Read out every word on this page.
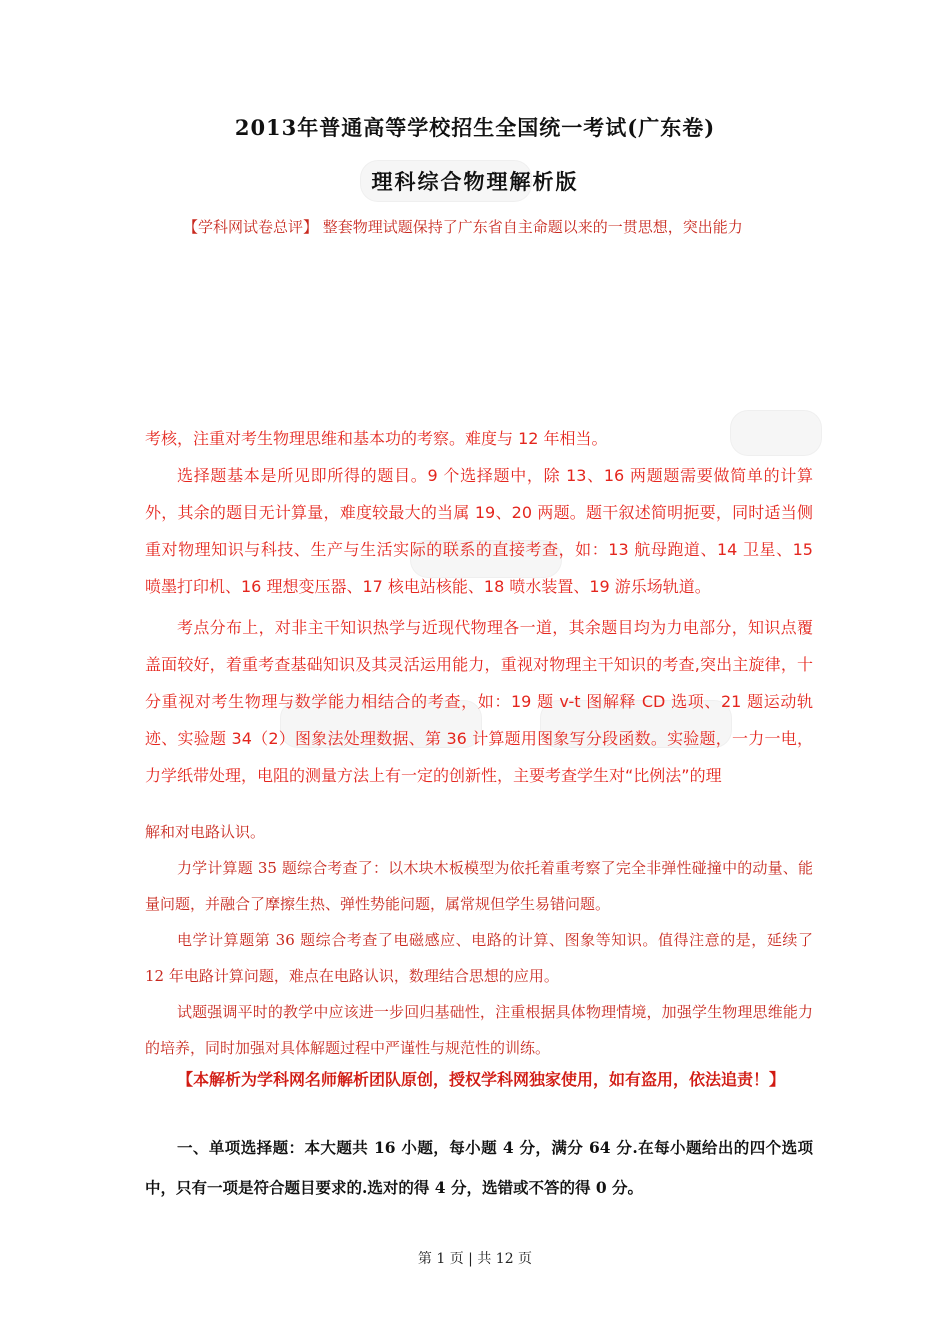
2013年普通高等学校招生全国统一考试(广东卷)
理科综合物理解析版
【学科网试卷总评】 整套物理试题保持了广东省自主命题以来的一贯思想，突出能力

考核，注重对考生物理思维和基本功的考察。难度与 12 年相当。

选择题基本是所见即所得的题目。9 个选择题中，除 13、16 两题题需要做简单的计算外，其余的题目无计算量，难度较最大的当属 19、20 两题。题干叙述简明扼要，同时适当侧重对物理知识与科技、生产与生活实际的联系的直接考查，如：13 航母跑道、14 卫星、15 喷墨打印机、16 理想变压器、17 核电站核能、18 喷水装置、19 游乐场轨道。

考点分布上，对非主干知识热学与近现代物理各一道，其余题目均为力电部分，知识点覆盖面较好，着重考查基础知识及其灵活运用能力，重视对物理主干知识的考查,突出主旋律，十分重视对考生物理与数学能力相结合的考查，如：19 题 v-t 图解释 CD 选项、21 题运动轨迹、实验题 34（2）图象法处理数据、第 36 计算题用图象写分段函数。实验题，一力一电，力学纸带处理，电阻的测量方法上有一定的创新性，主要考查学生对“比例法”的理

解和对电路认识。

力学计算题 35 题综合考查了：以木块木板模型为依托着重考察了完全非弹性碰撞中的动量、能量问题，并融合了摩擦生热、弹性势能问题，属常规但学生易错问题。

电学计算题第 36 题综合考查了电磁感应、电路的计算、图象等知识。值得注意的是，延续了 12 年电路计算问题，难点在电路认识，数理结合思想的应用。

试题强调平时的教学中应该进一步回归基础性，注重根据具体物理情境，加强学生物理思维能力的培养，同时加强对具体解题过程中严谨性与规范性的训练。

【本解析为学科网名师解析团队原创，授权学科网独家使用，如有盗用，依法追责！】

一、单项选择题：本大题共 16 小题，每小题 4 分，满分 64 分.在每小题给出的四个选项中，只有一项是符合题目要求的.选对的得 4 分，选错或不答的得 0 分。

第 1 页 | 共 12 页
